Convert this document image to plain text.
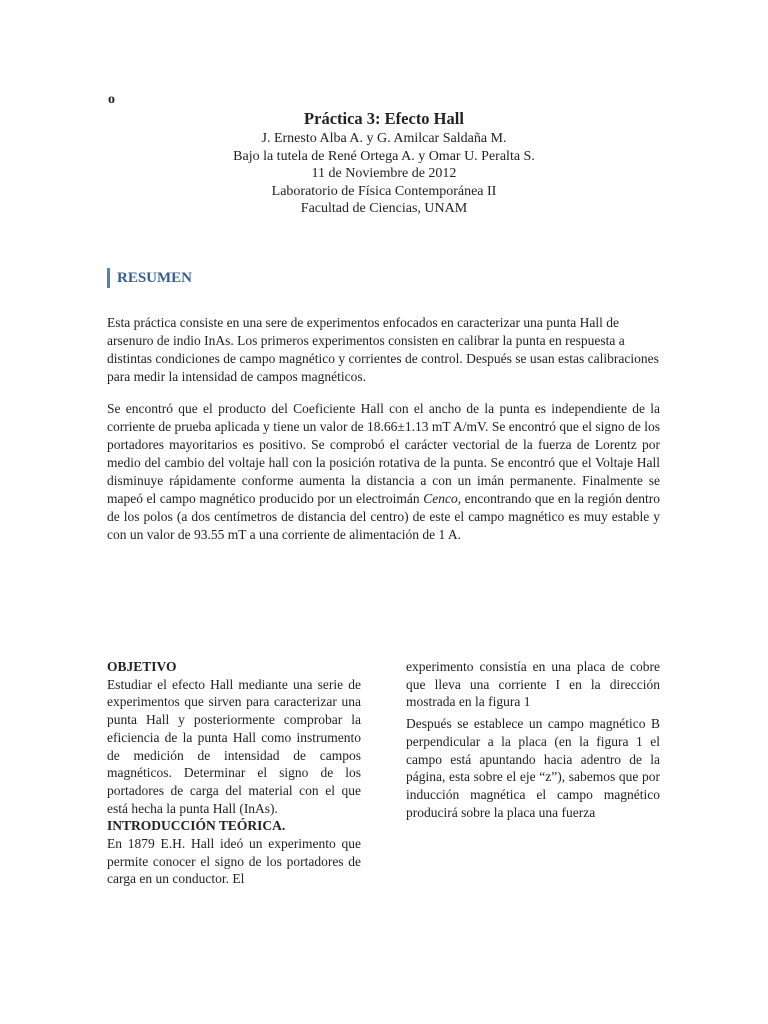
o

Práctica 3: Efecto Hall

J. Ernesto Alba A. y G. Amilcar Saldaña M.

Bajo la tutela de René Ortega A. y Omar U. Peralta S.

11 de Noviembre de 2012

Laboratorio de Física Contemporánea II

Facultad de Ciencias, UNAM

RESUMEN

Esta práctica consiste en una sere de experimentos enfocados en caracterizar una punta Hall de arsenuro de indio InAs. Los primeros experimentos consisten en calibrar la punta en respuesta a distintas condiciones de campo magnético y corrientes de control. Después se usan estas calibraciones para medir la intensidad de campos magnéticos.

Se encontró que el producto del Coeficiente Hall con el ancho de la punta es independiente de la corriente de prueba aplicada y tiene un valor de 18.66±1.13 mT A/mV. Se encontró que el signo de los portadores mayoritarios es positivo. Se comprobó el carácter vectorial de la fuerza de Lorentz por medio del cambio del voltaje hall con la posición rotativa de la punta. Se encontró que el Voltaje Hall disminuye rápidamente conforme aumenta la distancia a con un imán permanente. Finalmente se mapeó el campo magnético producido por un electroimán Cenco, encontrando que en la región dentro de los polos (a dos centímetros de distancia del centro) de este el campo magnético es muy estable y con un valor de 93.55 mT a una corriente de alimentación de 1 A.

OBJETIVO

Estudiar el efecto Hall mediante una serie de experimentos que sirven para caracterizar una punta Hall y posteriormente comprobar la eficiencia de la punta Hall como instrumento de medición de intensidad de campos magnéticos. Determinar el signo de los portadores de carga del material con el que está hecha la punta Hall (InAs).

INTRODUCCIÓN TEÓRICA.

En 1879 E.H. Hall ideó un experimento que permite conocer el signo de los portadores de carga en un conductor. El

experimento consistía en una placa de cobre que lleva una corriente I en la dirección mostrada en la figura 1

Después se establece un campo magnético B perpendicular a la placa (en la figura 1 el campo está apuntando hacia adentro de la página, esta sobre el eje “z”), sabemos que por inducción magnética el campo magnético producirá sobre la placa una fuerza
